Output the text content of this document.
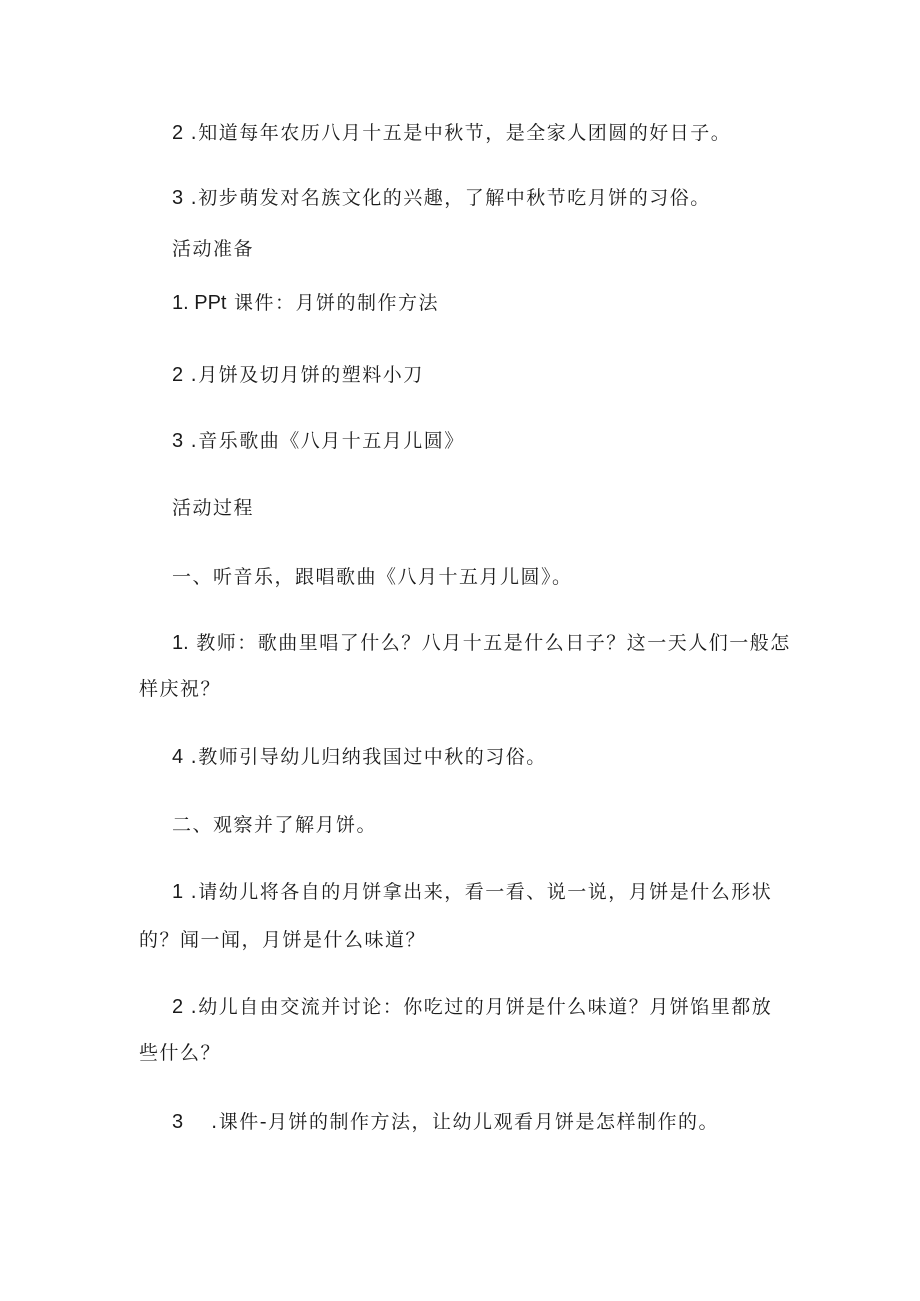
2 .知道每年农历八月十五是中秋节，是全家人团圆的好日子。
3 .初步萌发对名族文化的兴趣，了解中秋节吃月饼的习俗。
活动准备
1. PPt 课件：月饼的制作方法
2 .月饼及切月饼的塑料小刀
3 .音乐歌曲《八月十五月儿圆》
活动过程
一、听音乐，跟唱歌曲《八月十五月儿圆》。
1. 教师：歌曲里唱了什么？八月十五是什么日子？这一天人们一般怎
样庆祝？
4 .教师引导幼儿归纳我国过中秋的习俗。
二、观察并了解月饼。
1 .请幼儿将各自的月饼拿出来，看一看、说一说，月饼是什么形状
的？闻一闻，月饼是什么味道？
2 .幼儿自由交流并讨论：你吃过的月饼是什么味道？月饼馅里都放
些什么？
3　 .课件-月饼的制作方法，让幼儿观看月饼是怎样制作的。
